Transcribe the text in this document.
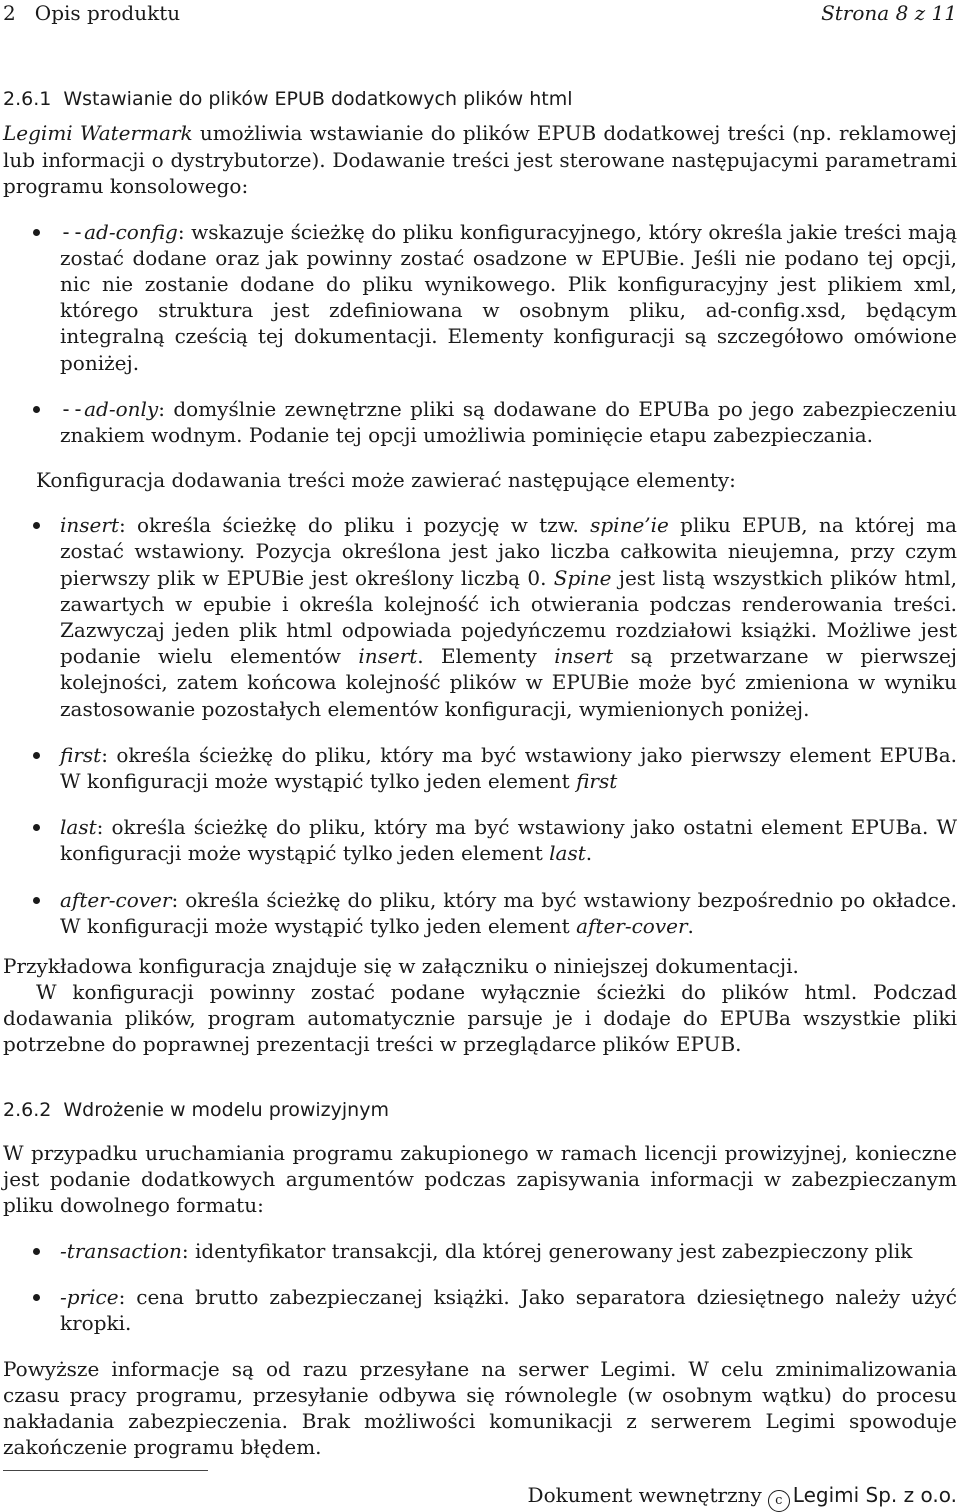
2   Opis produktu	Strona 8 z 11
2.6.1 Wstawianie do plików EPUB dodatkowych plików html

Legimi Watermark umożliwia wstawianie do plików EPUB dodatkowej treści (np. reklamowej lub informacji o dystrybutorze). Dodawanie treści jest sterowane następujacymi parametrami programu konsolowego:

--ad-config: wskazuje ścieżkę do pliku konfiguracyjnego, który określa jakie treści mają zostać dodane oraz jak powinny zostać osadzone w EPUBie. Jeśli nie podano tej opcji, nic nie zostanie dodane do pliku wynikowego. Plik konfiguracyjny jest plikiem xml, którego struktura jest zdefiniowana w osobnym pliku, ad-config.xsd, będącym integralną cześcią tej dokumentacji. Elementy konfiguracji są szczegółowo omówione poniżej.
--ad-only: domyślnie zewnętrzne pliki są dodawane do EPUBa po jego zabezpieczeniu znakiem wodnym. Podanie tej opcji umożliwia pominięcie etapu zabezpieczania.

Konfiguracja dodawania treści może zawierać następujące elementy:

insert: określa ścieżkę do pliku i pozycję w tzw. spine’ie pliku EPUB, na której ma zostać wstawiony. Pozycja określona jest jako liczba całkowita nieujemna, przy czym pierwszy plik w EPUBie jest określony liczbą 0. Spine jest listą wszystkich plików html, zawartych w epubie i określa kolejność ich otwierania podczas renderowania treści. Zazwyczaj jeden plik html odpowiada pojedyńczemu rozdziałowi książki. Możliwe jest podanie wielu elementów insert. Elementy insert są przetwarzane w pierwszej kolejności, zatem końcowa kolejność plików w EPUBie może być zmieniona w wyniku zastosowanie pozostałych elementów konfiguracji, wymienionych poniżej.
first: określa ścieżkę do pliku, który ma być wstawiony jako pierwszy element EPUBa. W konfiguracji może wystąpić tylko jeden element first
last: określa ścieżkę do pliku, który ma być wstawiony jako ostatni element EPUBa. W konfiguracji może wystąpić tylko jeden element last.
after-cover: określa ścieżkę do pliku, który ma być wstawiony bezpośrednio po okładce. W konfiguracji może wystąpić tylko jeden element after-cover.

Przykładowa konfiguracja znajduje się w załączniku o niniejszej dokumentacji.

W konfiguracji powinny zostać podane wyłącznie ścieżki do plików html. Podczad dodawania plików, program automatycznie parsuje je i dodaje do EPUBa wszystkie pliki potrzebne do poprawnej prezentacji treści w przeglądarce plików EPUB.

2.6.2 Wdrożenie w modelu prowizyjnym

W przypadku uruchamiania programu zakupionego w ramach licencji prowizyjnej, konieczne jest podanie dodatkowych argumentów podczas zapisywania informacji w zabezpieczanym pliku dowolnego formatu:

-transaction: identyfikator transakcji, dla której generowany jest zabezpieczony plik
-price: cena brutto zabezpieczanej książki. Jako separatora dziesiętnego należy użyć kropki.

Powyższe informacje są od razu przesyłane na serwer Legimi. W celu zminimalizowania czasu pracy programu, przesyłanie odbywa się równolegle (w osobnym wątku) do procesu nakładania zabezpieczenia. Brak możliwości komunikacji z serwerem Legimi spowoduje zakończenie programu błędem.

Dokument wewnętrzny c Legimi Sp. z o.o.
